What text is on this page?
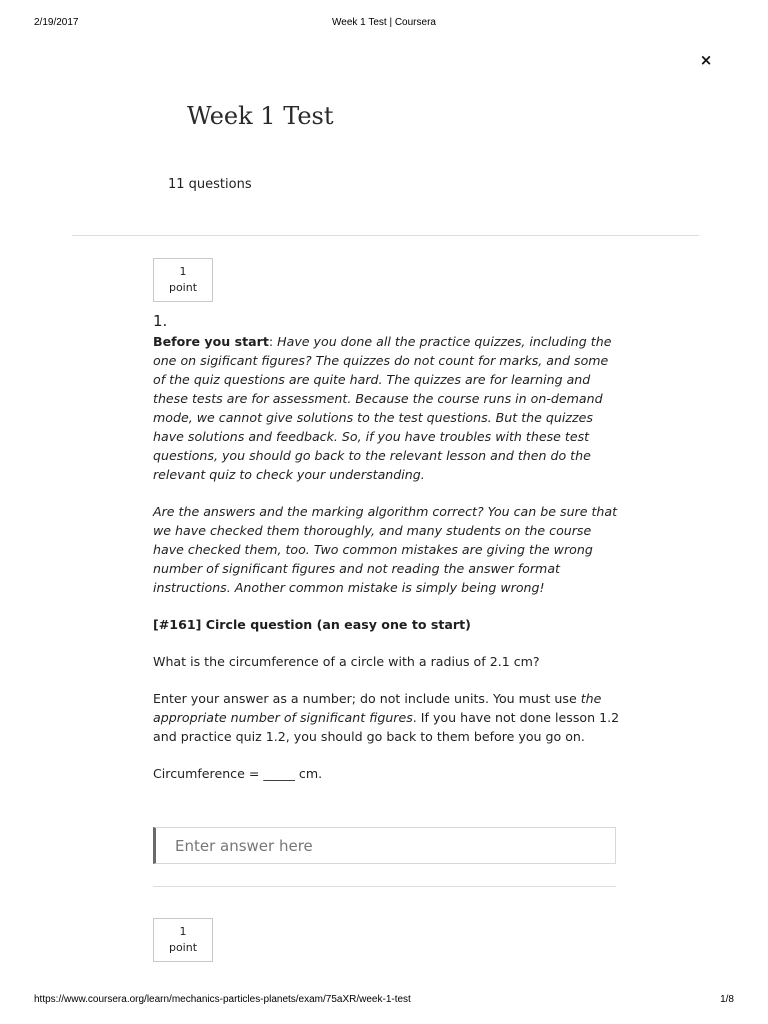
2/19/2017	Week 1 Test | Coursera
×
Week 1 Test
11 questions
1
point
1.

Before you start: Have you done all the practice quizzes, including the one on sigificant figures? The quizzes do not count for marks, and some of the quiz questions are quite hard. The quizzes are for learning and these tests are for assessment. Because the course runs in on-demand mode, we cannot give solutions to the test questions. But the quizzes have solutions and feedback. So, if you have troubles with these test questions, you should go back to the relevant lesson and then do the relevant quiz to check your understanding.

Are the answers and the marking algorithm correct? You can be sure that we have checked them thoroughly, and many students on the course have checked them, too. Two common mistakes are giving the wrong number of significant figures and not reading the answer format instructions. Another common mistake is simply being wrong!

[#161] Circle question (an easy one to start)

What is the circumference of a circle with a radius of 2.1 cm?

Enter your answer as a number; do not include units. You must use the appropriate number of significant figures. If you have not done lesson 1.2 and practice quiz 1.2, you should go back to them before you go on.

Circumference = _____ cm.

Enter answer here
1
point
https://www.coursera.org/learn/mechanics-particles-planets/exam/75aXR/week-1-test	1/8
